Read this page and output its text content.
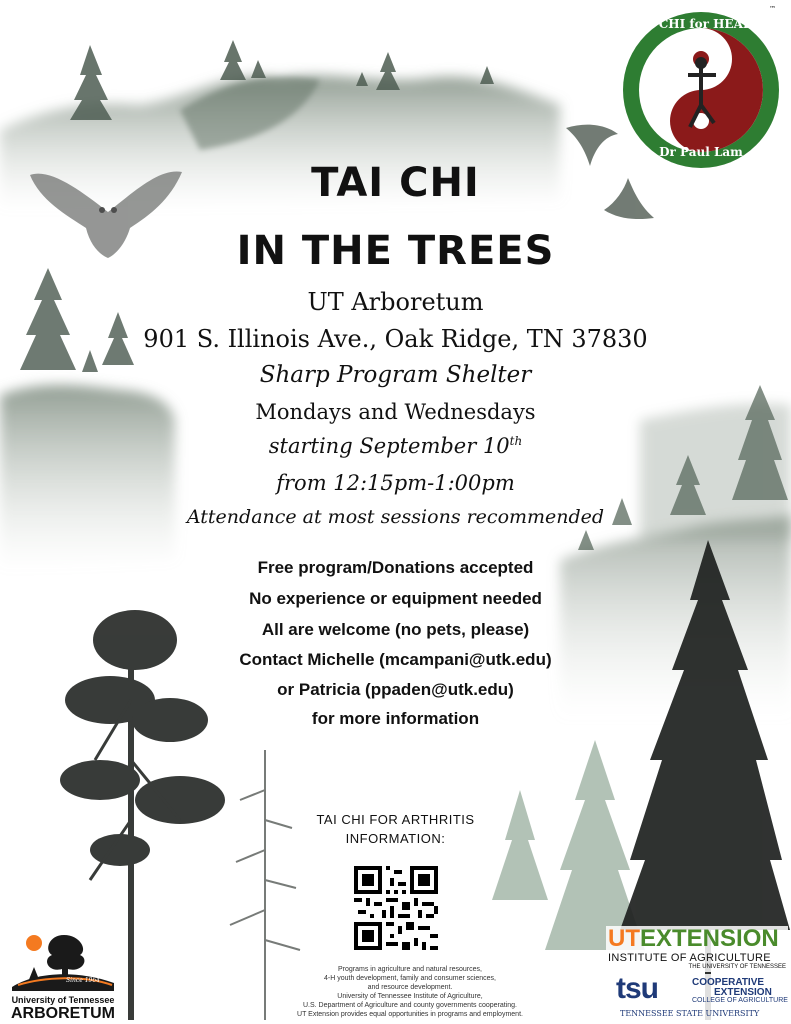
TAI CHI for HEALTH
Dr Paul Lam
™
TAI CHI
IN THE TREES
UT Arboretum
901 S. Illinois Ave., Oak Ridge, TN 37830
Sharp Program Shelter
Mondays and Wednesdays
starting September 10th
from 12:15pm-1:00pm
Attendance at most sessions recommended
Free program/Donations accepted
No experience or equipment needed
All are welcome (no pets, please)
Contact Michelle (mcampani@utk.edu)
or Patricia (ppaden@utk.edu)
for more information
TAI CHI FOR ARTHRITIS
INFORMATION:
Since 1964
University of Tennessee
ARBORETUM
Programs in agriculture and natural resources,
4-H youth development, family and consumer sciences,
and resource development.
University of Tennessee Institute of Agriculture,
U.S. Department of Agriculture and county governments cooperating.
UT Extension provides equal opportunities in programs and employment.
UTEXTENSION
INSTITUTE OF AGRICULTURE
THE UNIVERSITY OF TENNESSEE
tsu	COOPERATIVE
EXTENSION
COLLEGE OF AGRICULTURE
TENNESSEE STATE UNIVERSITY
